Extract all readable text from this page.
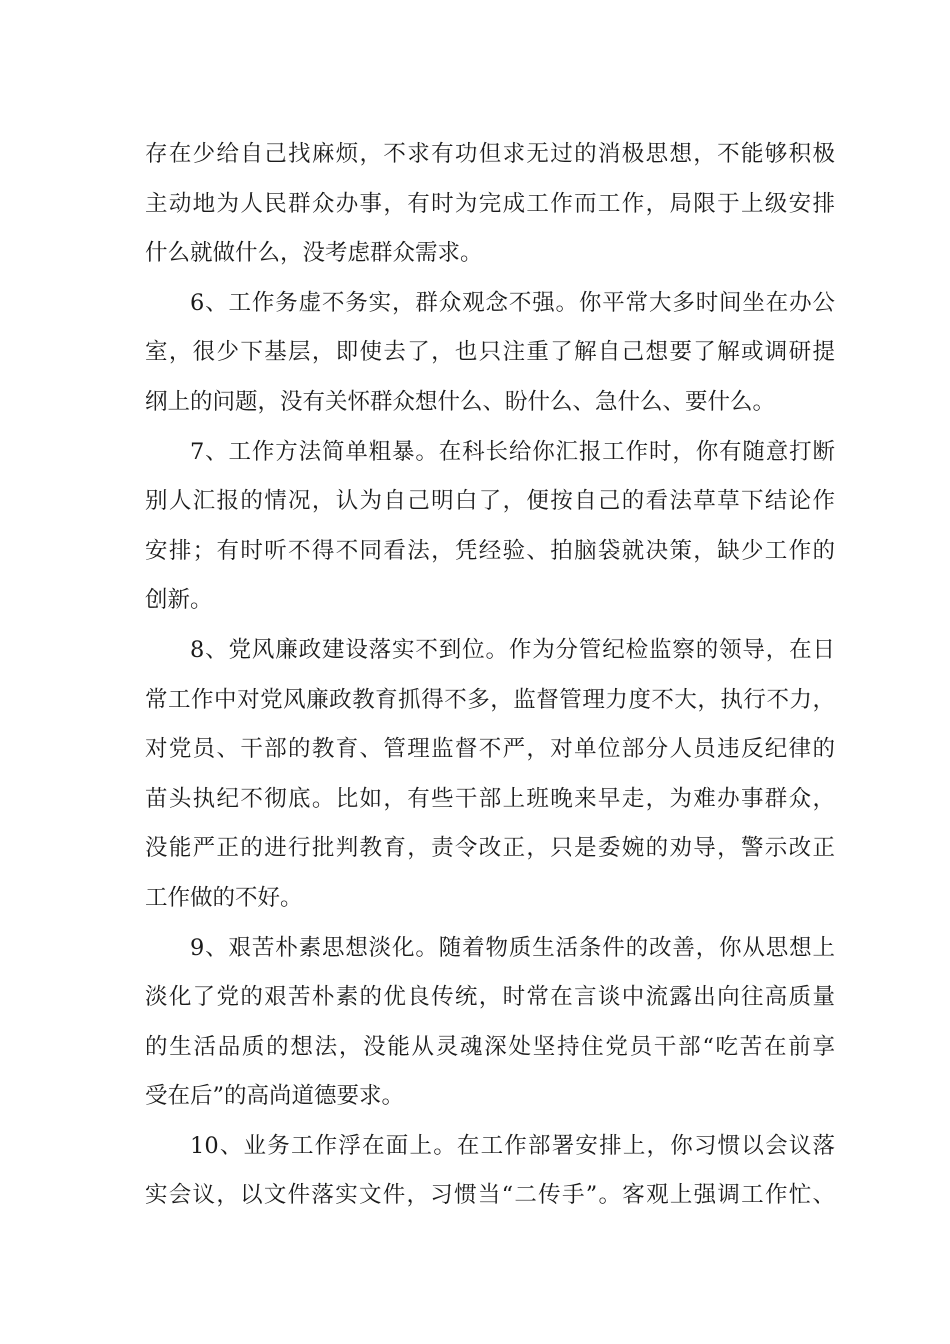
存在少给自己找麻烦，不求有功但求无过的消极思想，不能够积极
主动地为人民群众办事，有时为完成工作而工作，局限于上级安排
什么就做什么，没考虑群众需求。
6、工作务虚不务实，群众观念不强。你平常大多时间坐在办公
室，很少下基层，即使去了，也只注重了解自己想要了解或调研提
纲上的问题，没有关怀群众想什么、盼什么、急什么、要什么。
7、工作方法简单粗暴。在科长给你汇报工作时，你有随意打断
别人汇报的情况，认为自己明白了，便按自己的看法草草下结论作
安排；有时听不得不同看法，凭经验、拍脑袋就决策，缺少工作的
创新。
8、党风廉政建设落实不到位。作为分管纪检监察的领导，在日
常工作中对党风廉政教育抓得不多，监督管理力度不大，执行不力，
对党员、干部的教育、管理监督不严，对单位部分人员违反纪律的
苗头执纪不彻底。比如，有些干部上班晚来早走，为难办事群众，
没能严正的进行批判教育，责令改正，只是委婉的劝导，警示改正
工作做的不好。
9、艰苦朴素思想淡化。随着物质生活条件的改善，你从思想上
淡化了党的艰苦朴素的优良传统，时常在言谈中流露出向往高质量
的生活品质的想法，没能从灵魂深处坚持住党员干部“吃苦在前享
受在后”的高尚道德要求。
10、业务工作浮在面上。在工作部署安排上，你习惯以会议落
实会议，以文件落实文件，习惯当“二传手”。客观上强调工作忙、
